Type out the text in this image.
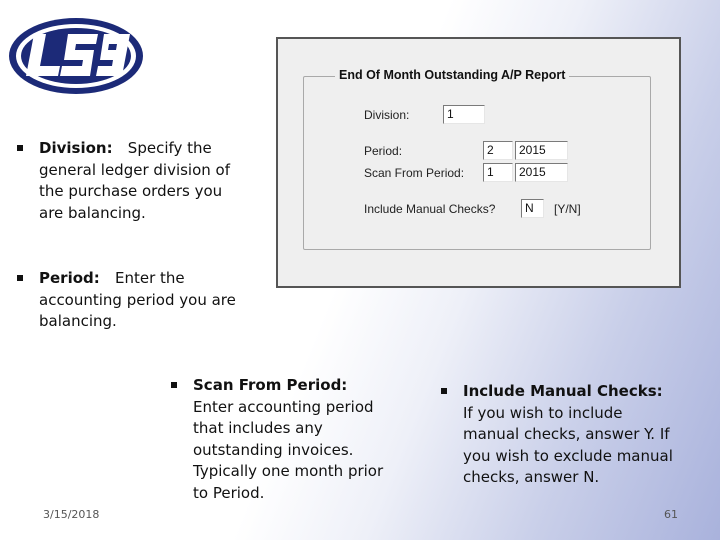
Division:   Specify the general ledger division of the purchase orders you are balancing.
Period:   Enter the accounting period you are balancing.
Scan From Period:   Enter accounting period that includes any outstanding invoices. Typically one month prior to Period.
Include Manual Checks:   If you wish to include manual checks, answer Y. If you wish to exclude manual checks, answer N.
End Of Month Outstanding A/P Report
Division:	1
Period:	2	2015
Scan From Period:	1	2015
Include Manual Checks?	N	[Y/N]
3/15/2018	61
